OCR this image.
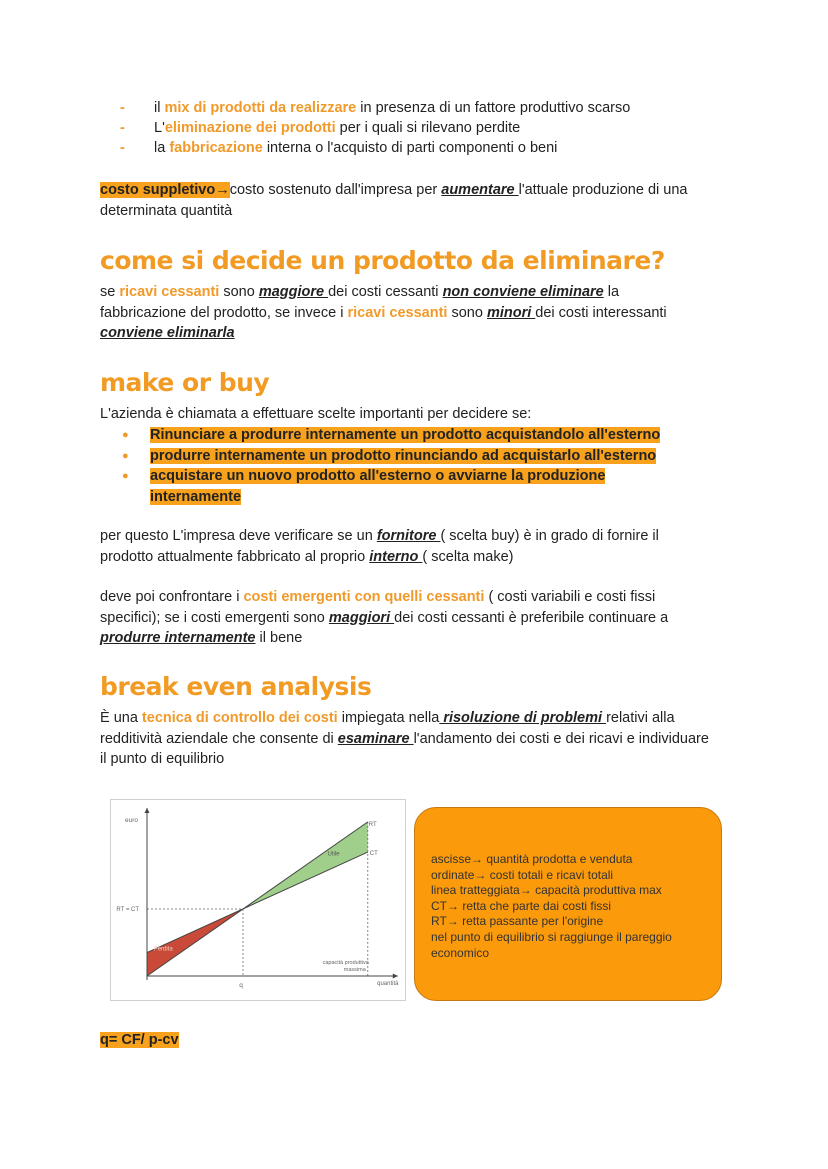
- il mix di prodotti da realizzare in presenza di un fattore produttivo scarso
- L'eliminazione dei prodotti per i quali si rilevano perdite
- la fabbricazione interna o l'acquisto di parti componenti o beni

costo suppletivo→costo sostenuto dall'impresa per aumentare l'attuale produzione di una determinata quantità

come si decide un prodotto da eliminare?

se ricavi cessanti sono maggiore dei costi cessanti non conviene eliminare la fabbricazione del prodotto, se invece i ricavi cessanti sono minori dei costi interessanti conviene eliminarla

make or buy

L'azienda è chiamata a effettuare scelte importanti per decidere se:

● Rinunciare a produrre internamente un prodotto acquistandolo all'esterno
● produrre internamente un prodotto rinunciando ad acquistarlo all'esterno
● acquistare un nuovo prodotto all'esterno o avviarne la produzione internamente

per questo L'impresa deve verificare se un fornitore ( scelta buy) è in grado di fornire il prodotto attualmente fabbricato al proprio interno ( scelta make)

deve poi confrontare i costi emergenti con quelli cessanti ( costi variabili e costi fissi specifici); se i costi emergenti sono maggiori dei costi cessanti è preferibile continuare a produrre internamente il bene

break even analysis

È una tecnica di controllo dei costi impiegata nella risoluzione di problemi relativi alla redditività aziendale che consente di esaminare l'andamento dei costi e dei ricavi e individuare il punto di equilibrio

euro
q	quantità
RT = CT
RT
CT
Utile
Perdita
capacità produttiva
massima
ascisse→ quantità prodotta e venduta
ordinate→ costi totali e ricavi totali
linea tratteggiata→ capacità produttiva max
CT→ retta che parte dai costi fissi
RT→ retta passante per l'origine
nel punto di equilibrio si raggiunge il pareggio
economico
q= CF/ p-cv
